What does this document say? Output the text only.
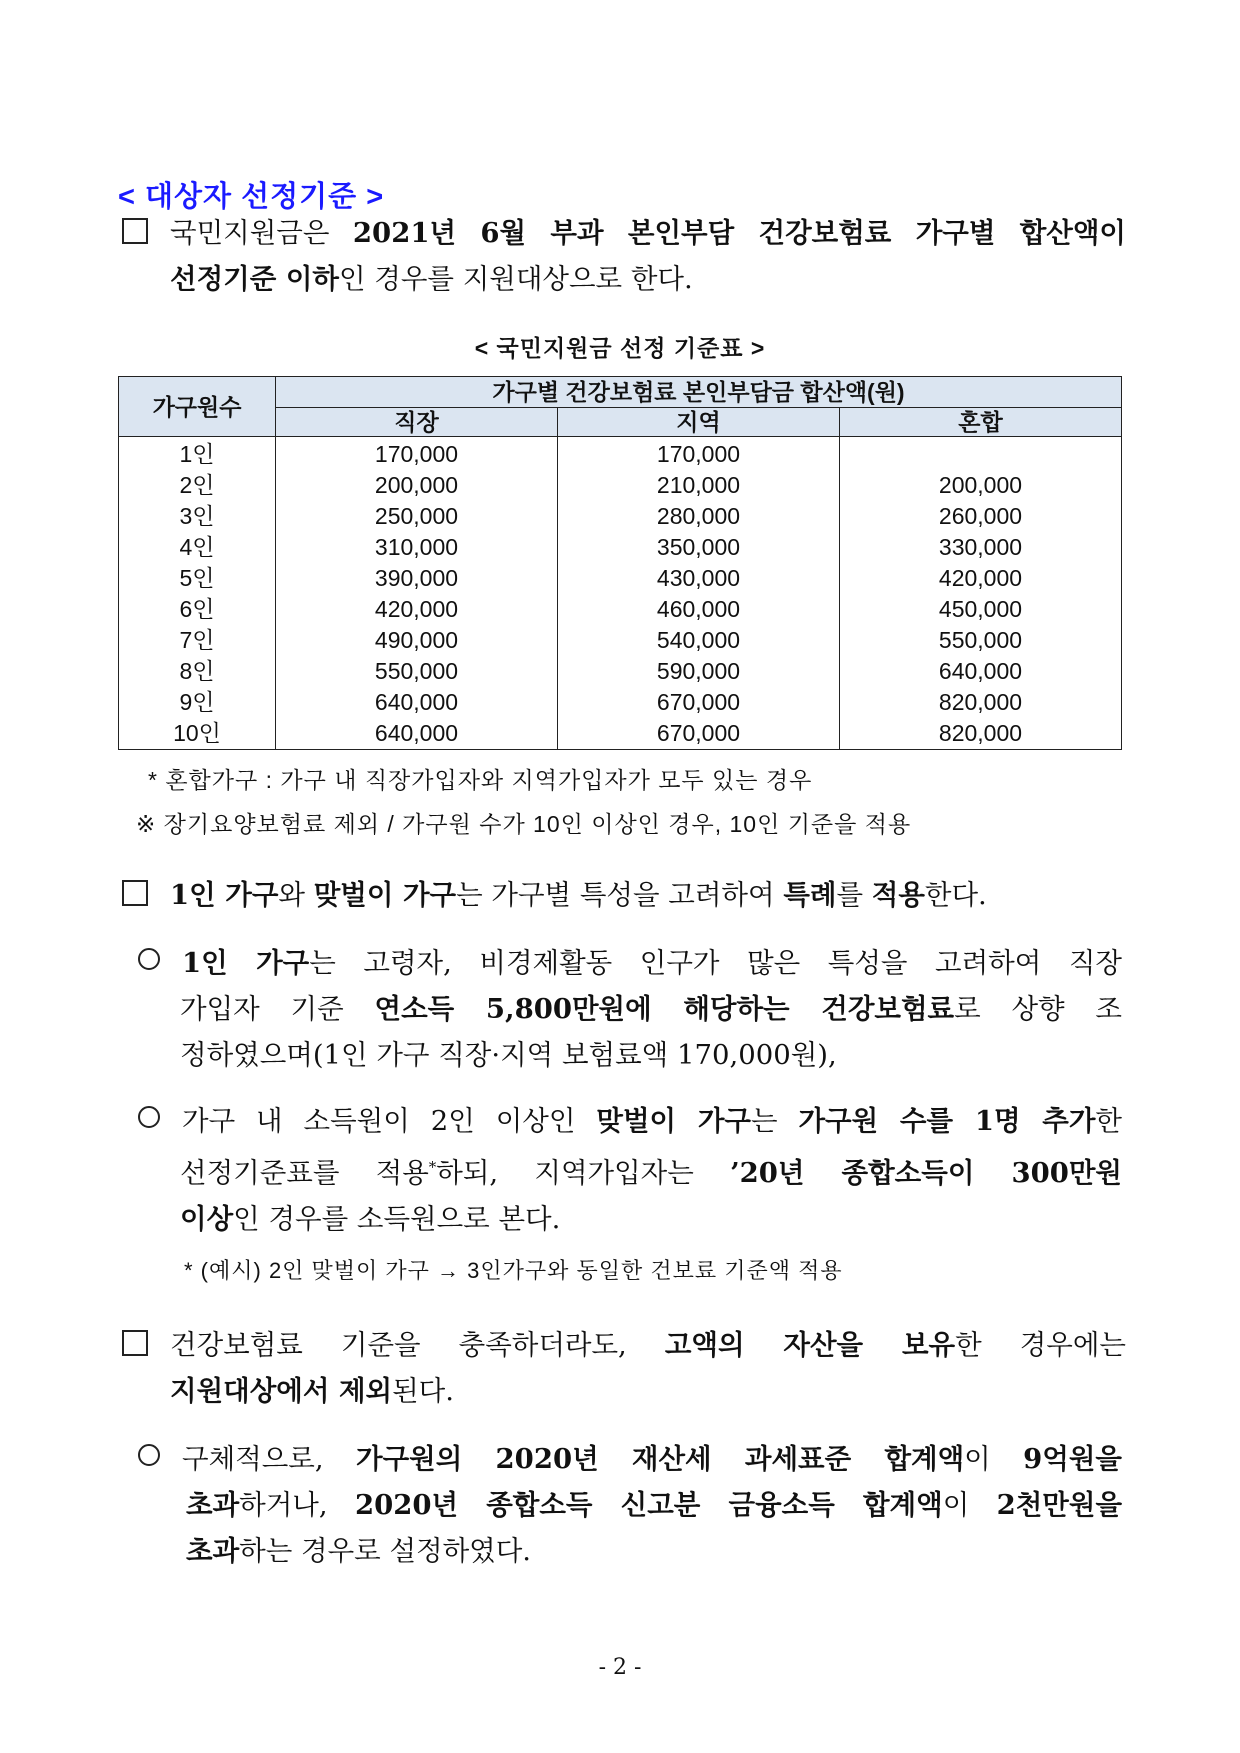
< 대상자 선정기준 >
국민지원금은 2021년 6월 부과 본인부담 건강보험료 가구별 합산액이
선정기준 이하인 경우를 지원대상으로 한다.
< 국민지원금 선정 기준표 >
가구원수	가구별 건강보험료 본인부담금 합산액(원)		
	직장	지역	혼합
1인	170,000	170,000	
2인	200,000	210,000	200,000
3인	250,000	280,000	260,000
4인	310,000	350,000	330,000
5인	390,000	430,000	420,000
6인	420,000	460,000	450,000
7인	490,000	540,000	550,000
8인	550,000	590,000	640,000
9인	640,000	670,000	820,000
10인	640,000	670,000	820,000
* 혼합가구 : 가구 내 직장가입자와 지역가입자가 모두 있는 경우
※ 장기요양보험료 제외 / 가구원 수가 10인 이상인 경우, 10인 기준을 적용
1인 가구와 맞벌이 가구는 가구별 특성을 고려하여 특례를 적용한다.
1인 가구는 고령자, 비경제활동 인구가 많은 특성을 고려하여 직장
가입자 기준 연소득 5,800만원에 해당하는 건강보험료로 상향 조
정하였으며(1인 가구 직장·지역 보험료액 170,000원),
가구 내 소득원이 2인 이상인 맞벌이 가구는 가구원 수를 1명 추가한
선정기준표를 적용*하되, 지역가입자는 ’20년 종합소득이 300만원
이상인 경우를 소득원으로 본다.
* (예시) 2인 맞벌이 가구 → 3인가구와 동일한 건보료 기준액 적용
건강보험료 기준을 충족하더라도, 고액의 자산을 보유한 경우에는
지원대상에서 제외된다.
구체적으로, 가구원의 2020년 재산세 과세표준 합계액이 9억원을
초과하거나, 2020년 종합소득 신고분 금융소득 합계액이 2천만원을
초과하는 경우로 설정하였다.
- 2 -
